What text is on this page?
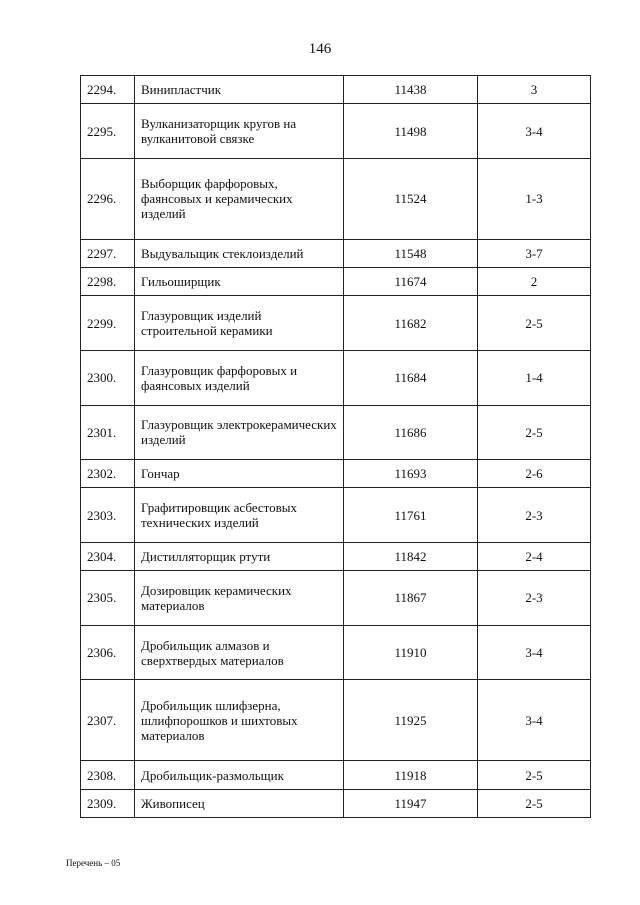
146
2294.	Винипластчик	11438	3
2295.	Вулканизаторщик кругов на вулканитовой связке	11498	3-4
2296.	Выборщик фарфоровых, фаянсовых и керамических изделий	11524	1-3
2297.	Выдувальщик стеклоизделий	11548	3-7
2298.	Гильоширщик	11674	2
2299.	Глазуровщик изделий строительной керамики	11682	2-5
2300.	Глазуровщик фарфоровых и фаянсовых изделий	11684	1-4
2301.	Глазуровщик электрокерамических изделий	11686	2-5
2302.	Гончар	11693	2-6
2303.	Графитировщик асбестовых технических изделий	11761	2-3
2304.	Дистилляторщик ртути	11842	2-4
2305.	Дозировщик керамических материалов	11867	2-3
2306.	Дробильщик алмазов и сверхтвердых материалов	11910	3-4
2307.	Дробильщик шлифзерна, шлифпорошков и шихтовых материалов	11925	3-4
2308.	Дробильщик-размольщик	11918	2-5
2309.	Живописец	11947	2-5
Перечень – 05
